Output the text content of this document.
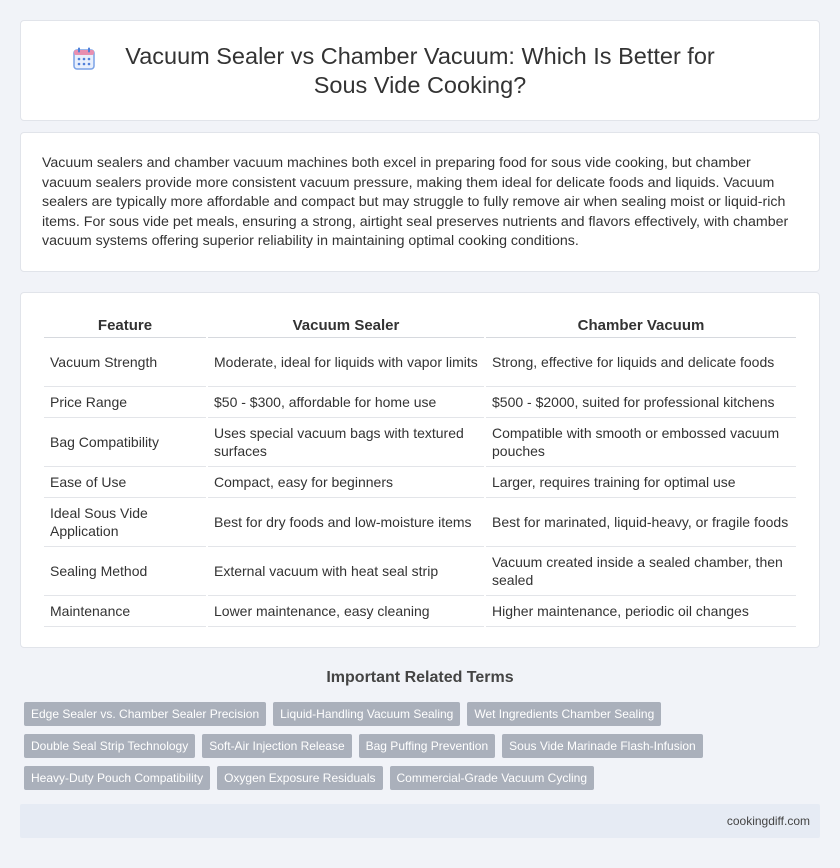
Vacuum Sealer vs Chamber Vacuum: Which Is Better for Sous Vide Cooking?

Vacuum sealers and chamber vacuum machines both excel in preparing food for sous vide cooking, but chamber vacuum sealers provide more consistent vacuum pressure, making them ideal for delicate foods and liquids. Vacuum sealers are typically more affordable and compact but may struggle to fully remove air when sealing moist or liquid-rich items. For sous vide pet meals, ensuring a strong, airtight seal preserves nutrients and flavors effectively, with chamber vacuum systems offering superior reliability in maintaining optimal cooking conditions.

Feature	Vacuum Sealer	Chamber Vacuum
Vacuum Strength	Moderate, ideal for liquids with vapor limits	Strong, effective for liquids and delicate foods
Price Range	$50 - $300, affordable for home use	$500 - $2000, suited for professional kitchens
Bag Compatibility	Uses special vacuum bags with textured surfaces	Compatible with smooth or embossed vacuum pouches
Ease of Use	Compact, easy for beginners	Larger, requires training for optimal use
Ideal Sous Vide Application	Best for dry foods and low-moisture items	Best for marinated, liquid-heavy, or fragile foods
Sealing Method	External vacuum with heat seal strip	Vacuum created inside a sealed chamber, then sealed
Maintenance	Lower maintenance, easy cleaning	Higher maintenance, periodic oil changes
Important Related Terms
Edge Sealer vs. Chamber Sealer Precision	Liquid-Handling Vacuum Sealing	Wet Ingredients Chamber Sealing
Double Seal Strip Technology	Soft-Air Injection Release	Bag Puffing Prevention	Sous Vide Marinade Flash-Infusion
Heavy-Duty Pouch Compatibility	Oxygen Exposure Residuals	Commercial-Grade Vacuum Cycling
cookingdiff.com
